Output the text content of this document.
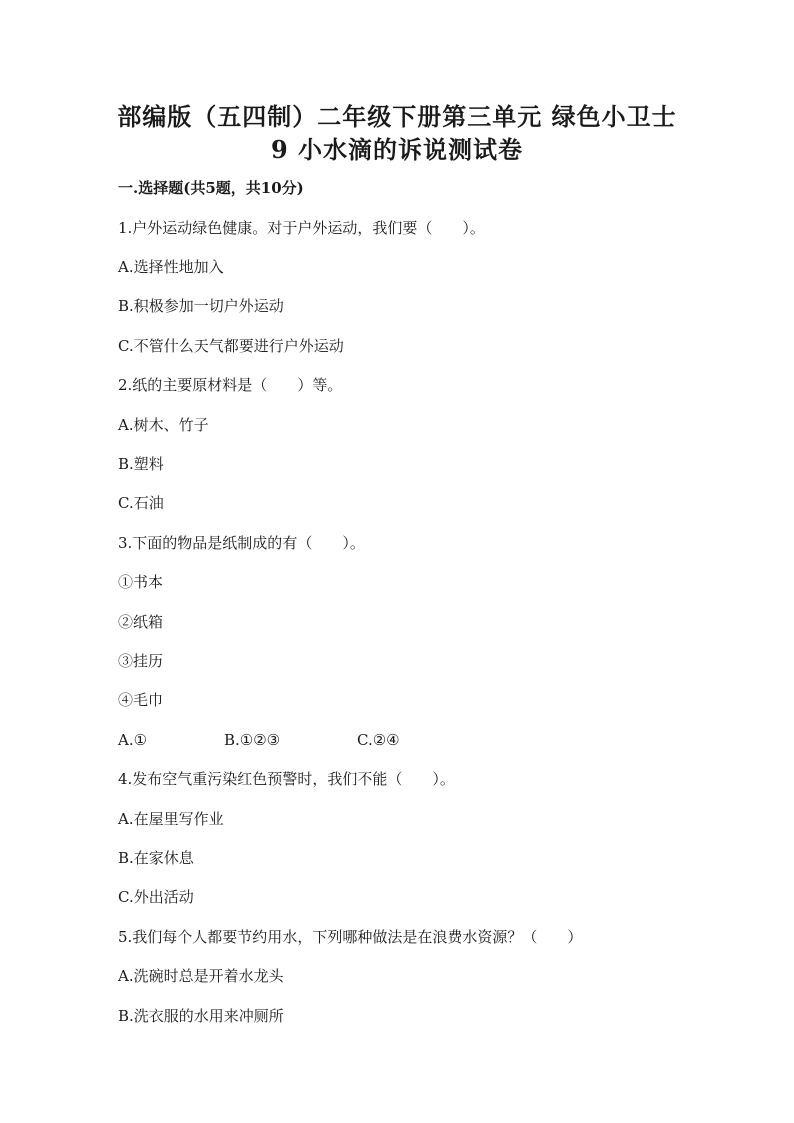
部编版（五四制）二年级下册第三单元 绿色小卫士
9 小水滴的诉说测试卷
一.选择题(共5题，共10分)
1.户外运动绿色健康。对于户外运动，我们要（　　）。
A.选择性地加入
B.积极参加一切户外运动
C.不管什么天气都要进行户外运动
2.纸的主要原材料是（　　）等。
A.树木、竹子
B.塑料
C.石油
3.下面的物品是纸制成的有（　　）。
①书本
②纸箱
③挂历
④毛巾
A.①	B.①②③	C.②④
4.发布空气重污染红色预警时，我们不能（　　）。
A.在屋里写作业
B.在家休息
C.外出活动
5.我们每个人都要节约用水，下列哪种做法是在浪费水资源？（　　）
A.洗碗时总是开着水龙头
B.洗衣服的水用来冲厕所
